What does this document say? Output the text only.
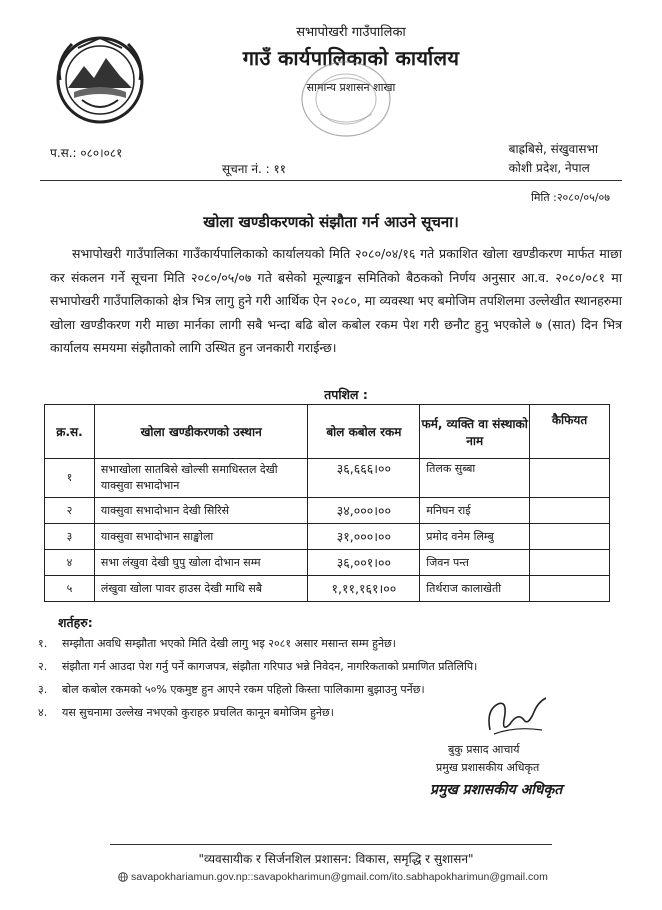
सभापोखरी गाउँपालिका
गाउँ कार्यपालिकाको कार्यालय
सामान्य प्रशासन शाखा
प.स.: ०८०।०८१
सूचना नं. : ११
बाह्रबिसे, संखुवासभा
कोशी प्रदेश, नेपाल
मिति :२०८०/०५/०७
खोला खण्डीकरणको संझौता गर्न आउने सूचना।

सभापोखरी गाउँपालिका गाउँकार्यपालिकाको कार्यालयको मिति २०८०/०४/१६ गते प्रकाशित खोला खण्डीकरण मार्फत माछा कर संकलन गर्ने सूचना मिति २०८०/०५/०७ गते बसेको मूल्याङ्कन समितिको बैठकको निर्णय अनुसार आ.व. २०८०/०८१ मा सभापोखरी गाउँपालिकाको क्षेत्र भित्र लागु हुने गरी आर्थिक ऐन २०८०, मा व्यवस्था भए बमोजिम तपशिलमा उल्लेखीत स्थानहरुमा खोला खण्डीकरण गरी माछा मार्नका लागी सबै भन्दा बढि बोल कबोल रकम पेश गरी छनौट हुनु भएकोले ७ (सात) दिन भित्र कार्यालय समयमा संझौताको लागि उस्थित हुन जनकारी गराईन्छ।

तपशिल :
क्र.स.	खोला खण्डीकरणको उस्थान	बोल कबोल रकम	फर्म, व्यक्ति वा संस्थाको नाम	कैफियत
१	सभाखोला सातबिसे खोल्सी समाधिस्तल देखी याक्सुवा सभादोभान	३६,६६६।००	तिलक सुब्बा	
२	याक्सुवा सभादोभान देखी सिरिसे	३४,०००।००	मनिघन राई	
३	याक्सुवा सभादोभान साङ्खोला	३१,०००।००	प्रमोद वनेम लिम्बु	
४	सभा लंखुवा देखी घुपु खोला दोभान सम्म	३६,००१।००	जिवन पन्त	
५	लंखुवा खोला पावर हाउस देखी माथि सबै	१,११,१६१।००	तिर्थराज कालाखेती	
शर्तहरु:
१.	सम्झौता अवधि सम्झौता भएको मिति देखी लागु भइ २०८१ असार मसान्त सम्म हुनेछ।
२.	संझौता गर्न आउदा पेश गर्नु पर्ने कागजपत्र, संझौता गरिपाउ भन्ने निवेदन, नागरिकताको प्रमाणित प्रतिलिपि।
३.	बोल कबोल रकमको ५०% एकमुष्ट हुन आएने रकम पहिलो किस्ता पालिकामा बुझाउनु पर्नेछ।
४.	यस सुचनामा उल्लेख नभएको कुराहरु प्रचलित कानून बमोजिम हुनेछ।
बुकु प्रसाद आचार्य
प्रमुख प्रशासकीय अधिकृत
प्रमुख प्रशासकीय अधिकृत
"व्यवसायीक र सिर्जनशिल प्रशासन: विकास, समृद्धि र सुशासन"
savapokhariamun.gov.np::savapokharimun@gmail.com/ito.sabhapokharimun@gmail.com
